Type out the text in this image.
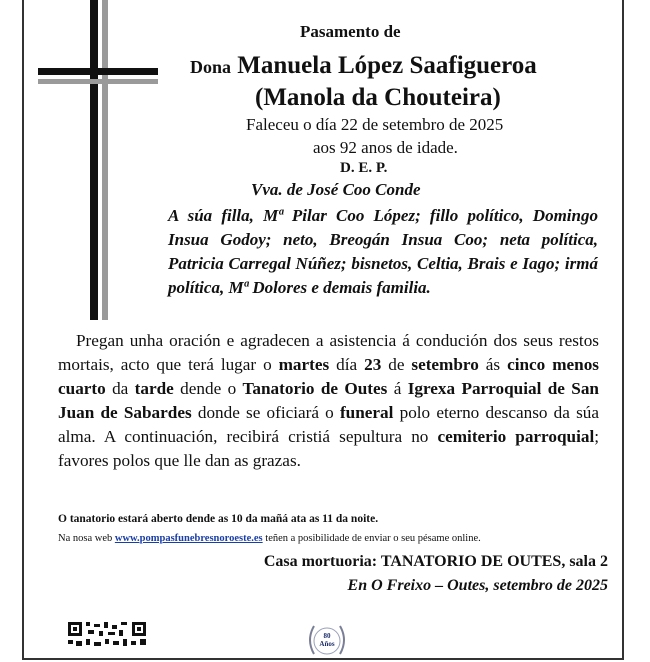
Pasamento de
Dona Manuela López Saafigueroa
(Manola da Chouteira)
Faleceu o día 22 de setembro de 2025
aos 92 anos de idade.
D. E. P.
Vva. de José Coo Conde
A súa filla, Mª Pilar Coo López; fillo político, Domingo Insua Godoy; neto, Breogán Insua Coo; neta política, Patricia Carregal Núñez; bisnetos, Celtia, Brais e Iago; irmá política, Mª Dolores e demais familia.
Pregan unha oración e agradecen a asistencia á condución dos seus restos mortais, acto que terá lugar o martes día 23 de setembro ás cinco menos cuarto da tarde dende o Tanatorio de Outes á Igrexa Parroquial de San Juan de Sabardes donde se oficiará o funeral polo eterno descanso da súa alma. A continuación, recibirá cristiá sepultura no cemiterio parroquial; favores polos que lle dan as grazas.
O tanatorio estará aberto dende as 10 da mañá ata as 11 da noite.
Na nosa web www.pompasfunebresnoroeste.es teñen a posibilidade de enviar o seu pésame online.
Casa mortuoria: TANATORIO DE OUTES, sala 2
En O Freixo – Outes, setembro de 2025
80
Años
